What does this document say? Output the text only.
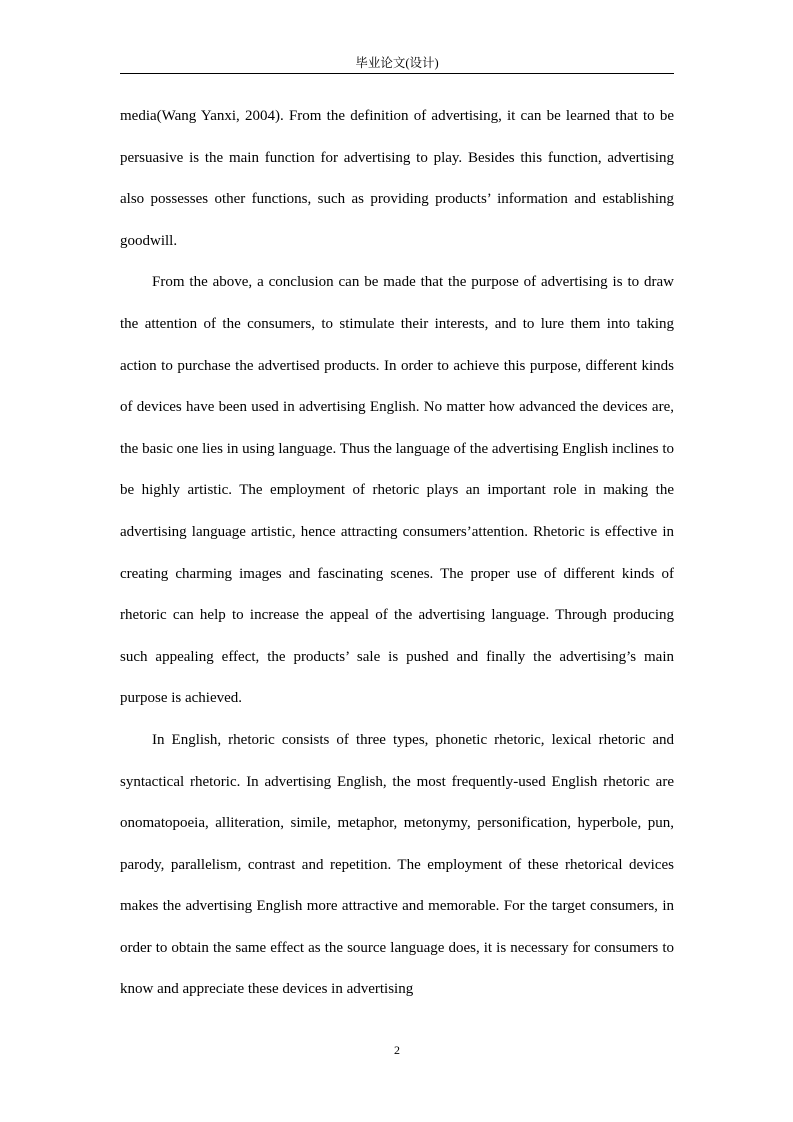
毕业论文(设计)

media(Wang Yanxi, 2004). From the definition of advertising, it can be learned that to be persuasive is the main function for advertising to play. Besides this function, advertising also possesses other functions, such as providing products’ information and establishing goodwill.

From the above, a conclusion can be made that the purpose of advertising is to draw the attention of the consumers, to stimulate their interests, and to lure them into taking action to purchase the advertised products. In order to achieve this purpose, different kinds of devices have been used in advertising English. No matter how advanced the devices are, the basic one lies in using language. Thus the language of the advertising English inclines to be highly artistic. The employment of rhetoric plays an important role in making the advertising language artistic, hence attracting consumers’attention. Rhetoric is effective in creating charming images and fascinating scenes. The proper use of different kinds of rhetoric can help to increase the appeal of the advertising language. Through producing such appealing effect, the products’ sale is pushed and finally the advertising’s main purpose is achieved.

In English, rhetoric consists of three types, phonetic rhetoric, lexical rhetoric and syntactical rhetoric. In advertising English, the most frequently-used English rhetoric are onomatopoeia, alliteration, simile, metaphor, metonymy, personification, hyperbole, pun, parody, parallelism, contrast and repetition. The employment of these rhetorical devices makes the advertising English more attractive and memorable. For the target consumers, in order to obtain the same effect as the source language does, it is necessary for consumers to know and appreciate these devices in advertising

2
